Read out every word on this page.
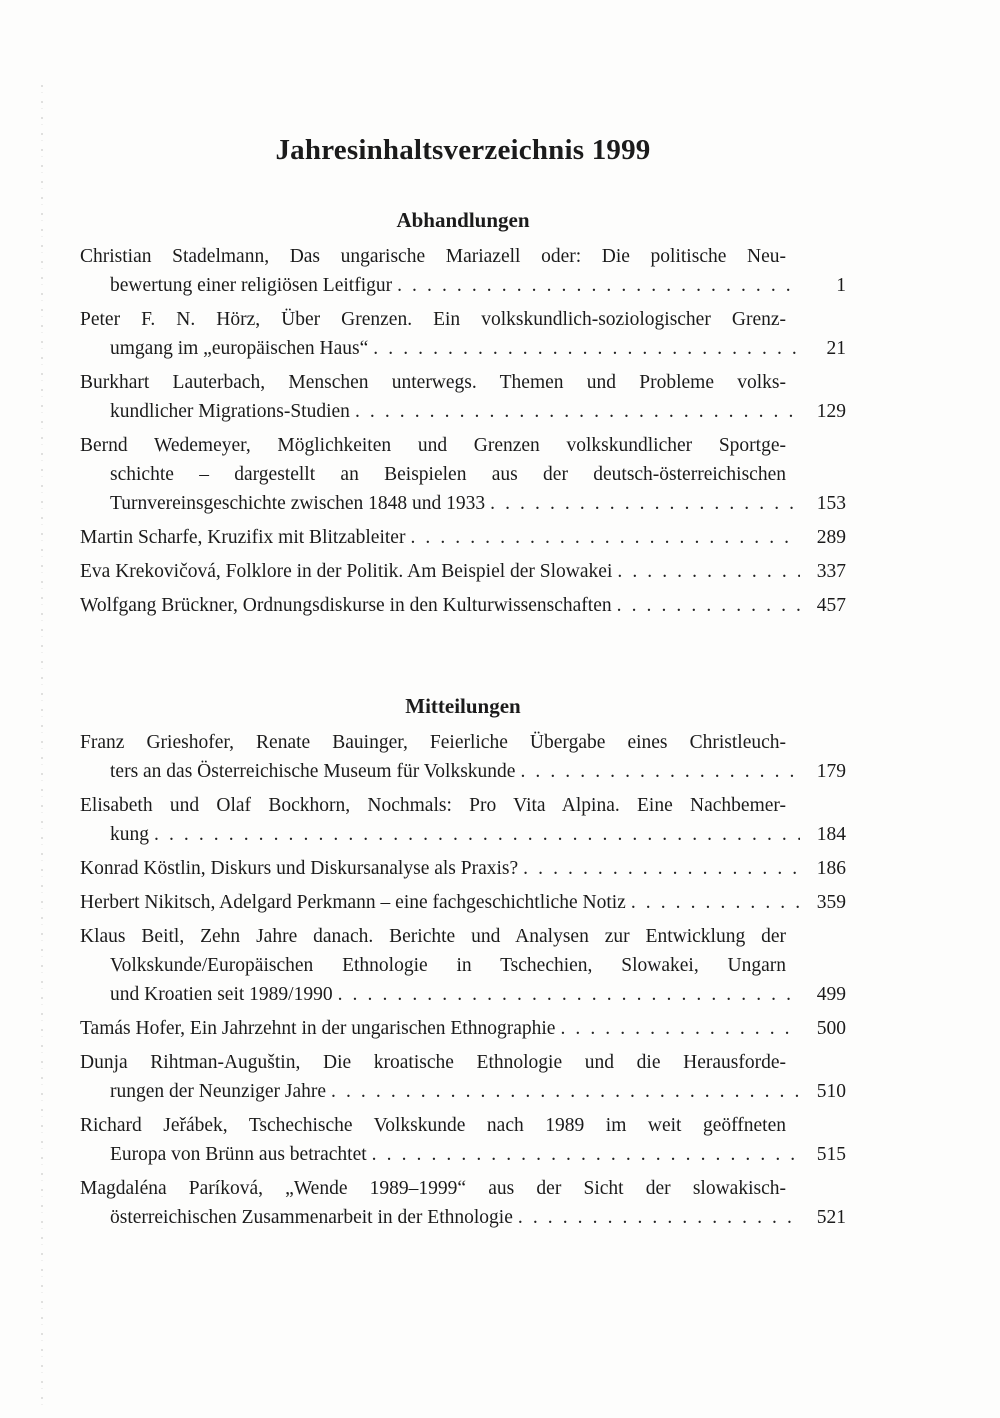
Jahresinhaltsverzeichnis 1999
Abhandlungen
Christian Stadelmann, Das ungarische Mariazell oder: Die politische Neu-
bewertung einer religiösen Leitfigur . . .	1
Peter F. N. Hörz, Über Grenzen. Ein volkskundlich-soziologischer Grenz-
umgang im „europäischen Haus“ . . .	21
Burkhart Lauterbach, Menschen unterwegs. Themen und Probleme volks-
kundlicher Migrations-Studien . . .	129
Bernd Wedemeyer, Möglichkeiten und Grenzen volkskundlicher Sportge-
schichte – dargestellt an Beispielen aus der deutsch-österreichischen
Turnvereinsgeschichte zwischen 1848 und 1933 . . .	153
Martin Scharfe, Kruzifix mit Blitzableiter . . .	289
Eva Krekovičová, Folklore in der Politik. Am Beispiel der Slowakei . . .	337
Wolfgang Brückner, Ordnungsdiskurse in den Kulturwissenschaften . . .	457
Mitteilungen
Franz Grieshofer, Renate Bauinger, Feierliche Übergabe eines Christleuch-
ters an das Österreichische Museum für Volkskunde . . .	179
Elisabeth und Olaf Bockhorn, Nochmals: Pro Vita Alpina. Eine Nachbemer-
kung . . .	184
Konrad Köstlin, Diskurs und Diskursanalyse als Praxis? . . .	186
Herbert Nikitsch, Adelgard Perkmann – eine fachgeschichtliche Notiz . . .	359
Klaus Beitl, Zehn Jahre danach. Berichte und Analysen zur Entwicklung der
Volkskunde/Europäischen Ethnologie in Tschechien, Slowakei, Ungarn
und Kroatien seit 1989/1990 . . .	499
Tamás Hofer, Ein Jahrzehnt in der ungarischen Ethnographie . . .	500
Dunja Rihtman-Auguštin, Die kroatische Ethnologie und die Herausforde-
rungen der Neunziger Jahre . . .	510
Richard Jeřábek, Tschechische Volkskunde nach 1989 im weit geöffneten
Europa von Brünn aus betrachtet . . .	515
Magdaléna Paríková, „Wende 1989–1999“ aus der Sicht der slowakisch-
österreichischen Zusammenarbeit in der Ethnologie . . .	521
